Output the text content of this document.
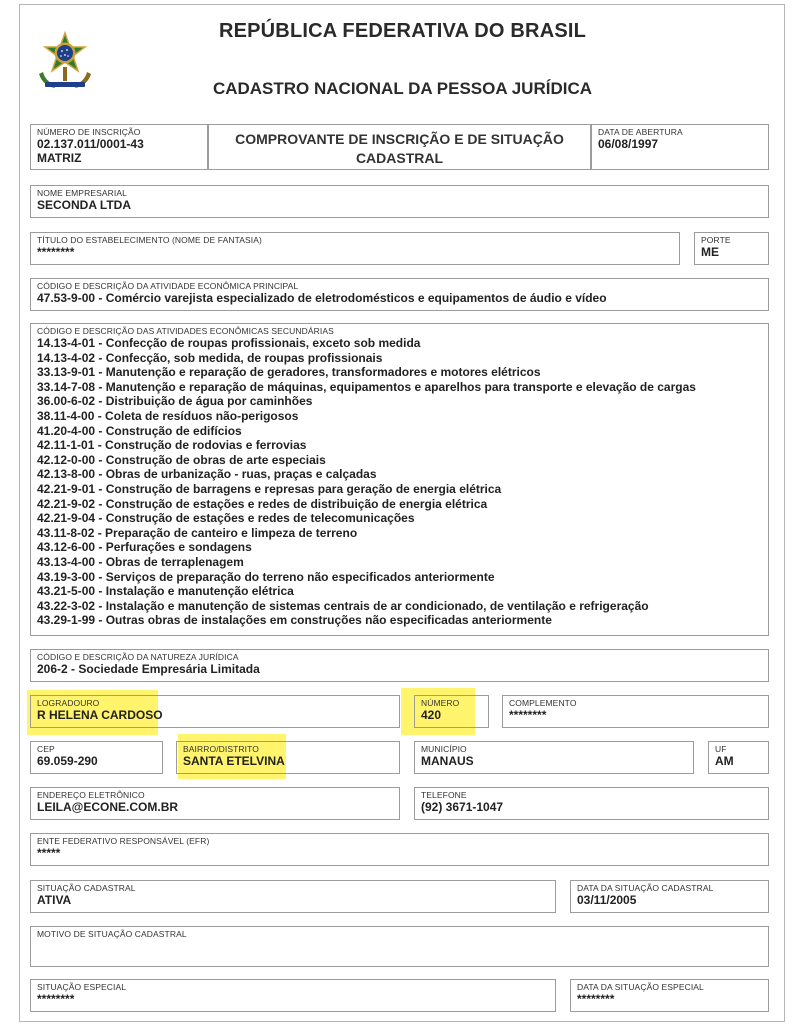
REPÚBLICA FEDERATIVA DO BRASIL
CADASTRO NACIONAL DA PESSOA JURÍDICA
NÚMERO DE INSCRIÇÃO
02.137.011/0001-43
MATRIZ
COMPROVANTE DE INSCRIÇÃO E DE SITUAÇÃO
CADASTRAL
DATA DE ABERTURA
06/08/1997
NOME EMPRESARIAL
SECONDA LTDA
TÍTULO DO ESTABELECIMENTO (NOME DE FANTASIA)
********
PORTE
ME
CÓDIGO E DESCRIÇÃO DA ATIVIDADE ECONÔMICA PRINCIPAL
47.53-9-00 - Comércio varejista especializado de eletrodomésticos e equipamentos de áudio e vídeo
CÓDIGO E DESCRIÇÃO DAS ATIVIDADES ECONÔMICAS SECUNDÁRIAS
14.13-4-01 - Confecção de roupas profissionais, exceto sob medida
14.13-4-02 - Confecção, sob medida, de roupas profissionais
33.13-9-01 - Manutenção e reparação de geradores, transformadores e motores elétricos
33.14-7-08 - Manutenção e reparação de máquinas, equipamentos e aparelhos para transporte e elevação de cargas
36.00-6-02 - Distribuição de água por caminhões
38.11-4-00 - Coleta de resíduos não-perigosos
41.20-4-00 - Construção de edifícios
42.11-1-01 - Construção de rodovias e ferrovias
42.12-0-00 - Construção de obras de arte especiais
42.13-8-00 - Obras de urbanização - ruas, praças e calçadas
42.21-9-01 - Construção de barragens e represas para geração de energia elétrica
42.21-9-02 - Construção de estações e redes de distribuição de energia elétrica
42.21-9-04 - Construção de estações e redes de telecomunicações
43.11-8-02 - Preparação de canteiro e limpeza de terreno
43.12-6-00 - Perfurações e sondagens
43.13-4-00 - Obras de terraplenagem
43.19-3-00 - Serviços de preparação do terreno não especificados anteriormente
43.21-5-00 - Instalação e manutenção elétrica
43.22-3-02 - Instalação e manutenção de sistemas centrais de ar condicionado, de ventilação e refrigeração
43.29-1-99 - Outras obras de instalações em construções não especificadas anteriormente
CÓDIGO E DESCRIÇÃO DA NATUREZA JURÍDICA
206-2 - Sociedade Empresária Limitada
LOGRADOURO
R HELENA CARDOSO
NÚMERO
420
COMPLEMENTO
********
CEP
69.059-290
BAIRRO/DISTRITO
SANTA ETELVINA
MUNICÍPIO
MANAUS
UF
AM
ENDEREÇO ELETRÔNICO
LEILA@ECONE.COM.BR
TELEFONE
(92) 3671-1047
ENTE FEDERATIVO RESPONSÁVEL (EFR)
*****
SITUAÇÃO CADASTRAL
ATIVA
DATA DA SITUAÇÃO CADASTRAL
03/11/2005
MOTIVO DE SITUAÇÃO CADASTRAL
SITUAÇÃO ESPECIAL
********
DATA DA SITUAÇÃO ESPECIAL
********
